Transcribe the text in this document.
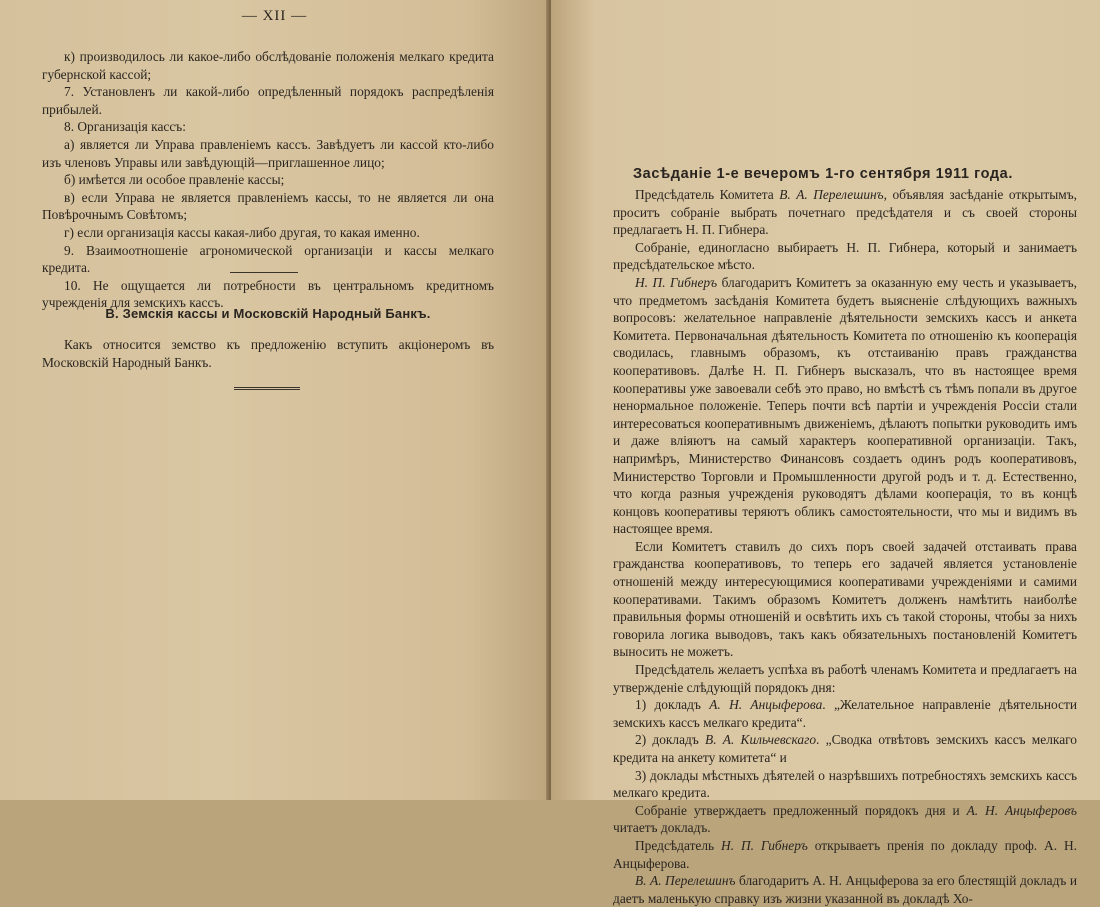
— XII —

к) производилось ли какое-либо обслѣдованіе положенія мелкаго кредита губернской кассой;

7. Установленъ ли какой-либо опредѣленный порядокъ распредѣленія прибылей.

8. Организація кассъ:

а) является ли Управа правленіемъ кассъ. Завѣдуетъ ли кассой кто-либо изъ членовъ Управы или завѣдующій—приглашенное лицо;

б) имѣется ли особое правленіе кассы;

в) если Управа не является правленіемъ кассы, то не является ли она Повѣрочнымъ Совѣтомъ;

г) если организація кассы какая-либо другая, то какая именно.

9. Взаимоотношеніе агрономической организаціи и кассы мелкаго кредита.

10. Не ощущается ли потребности въ центральномъ кредитномъ учрежденія для земскихъ кассъ.

В. Земскія кассы и Московскій Народный Банкъ.

Какъ относится земство къ предложенію вступить акціонеромъ въ Московскій Народный Банкъ.

Засѣданіе 1-е вечеромъ 1-го сентября 1911 года.

Предсѣдатель Комитета В. А. Перелешинъ, объявляя засѣданіе открытымъ, проситъ собраніе выбрать почетнаго предсѣдателя и съ своей стороны предлагаетъ Н. П. Гибнера.

Собраніе, единогласно выбираетъ Н. П. Гибнера, который и занимаетъ предсѣдательское мѣсто.

Н. П. Гибнеръ благодаритъ Комитетъ за оказанную ему честь и указываетъ, что предметомъ засѣданія Комитета будетъ выясненіе слѣдующихъ важныхъ вопросовъ: желательное направленіе дѣятельности земскихъ кассъ и анкета Комитета. Первоначальная дѣятельность Комитета по отношенію къ кооперація сводилась, главнымъ образомъ, къ отстаиванію правъ гражданства кооперативовъ. Далѣе Н. П. Гибнеръ высказалъ, что въ настоящее время кооперативы уже завоевали себѣ это право, но вмѣстѣ съ тѣмъ попали въ другое ненормальное положеніе. Теперь почти всѣ партіи и учрежденія Россіи стали интересоваться кооперативнымъ движеніемъ, дѣлаютъ попытки руководить имъ и даже вліяютъ на самый характеръ кооперативной организаціи. Такъ, напримѣръ, Министерство Финансовъ создаетъ одинъ родъ кооперативовъ, Министерство Торговли и Промышленности другой родъ и т. д. Естественно, что когда разныя учрежденія руководятъ дѣлами кооперація, то въ концѣ концовъ кооперативы теряютъ обликъ самостоятельности, что мы и видимъ въ настоящее время.

Если Комитетъ ставилъ до сихъ поръ своей задачей отстаивать права гражданства кооперативовъ, то теперь его задачей является установленіе отношеній между интересующимися кооперативами учрежденіями и самими кооперативами. Такимъ образомъ Комитетъ долженъ намѣтить наиболѣе правильныя формы отношеній и освѣтить ихъ съ такой стороны, чтобы за нихъ говорила логика выводовъ, такъ какъ обязательныхъ постановленій Комитетъ выносить не можетъ.

Предсѣдатель желаетъ успѣха въ работѣ членамъ Комитета и предлагаетъ на утвержденіе слѣдующій порядокъ дня:

1) докладъ А. Н. Анцыферова. „Желательное направленіе дѣятельности земскихъ кассъ мелкаго кредита“.

2) докладъ В. А. Кильчевскаго. „Сводка отвѣтовъ земскихъ кассъ мелкаго кредита на анкету комитета“ и

3) доклады мѣстныхъ дѣятелей о назрѣвшихъ потребностяхъ земскихъ кассъ мелкаго кредита.

Собраніе утверждаетъ предложенный порядокъ дня и А. Н. Анцыферовъ читаетъ докладъ.

Предсѣдатель Н. П. Гибнеръ открываетъ пренія по докладу проф. А. Н. Анцыферова.

В. А. Перелешинъ благодаритъ А. Н. Анцыферова за его блестящій докладъ и даетъ маленькую справку изъ жизни указанной въ докладѣ Хо-
